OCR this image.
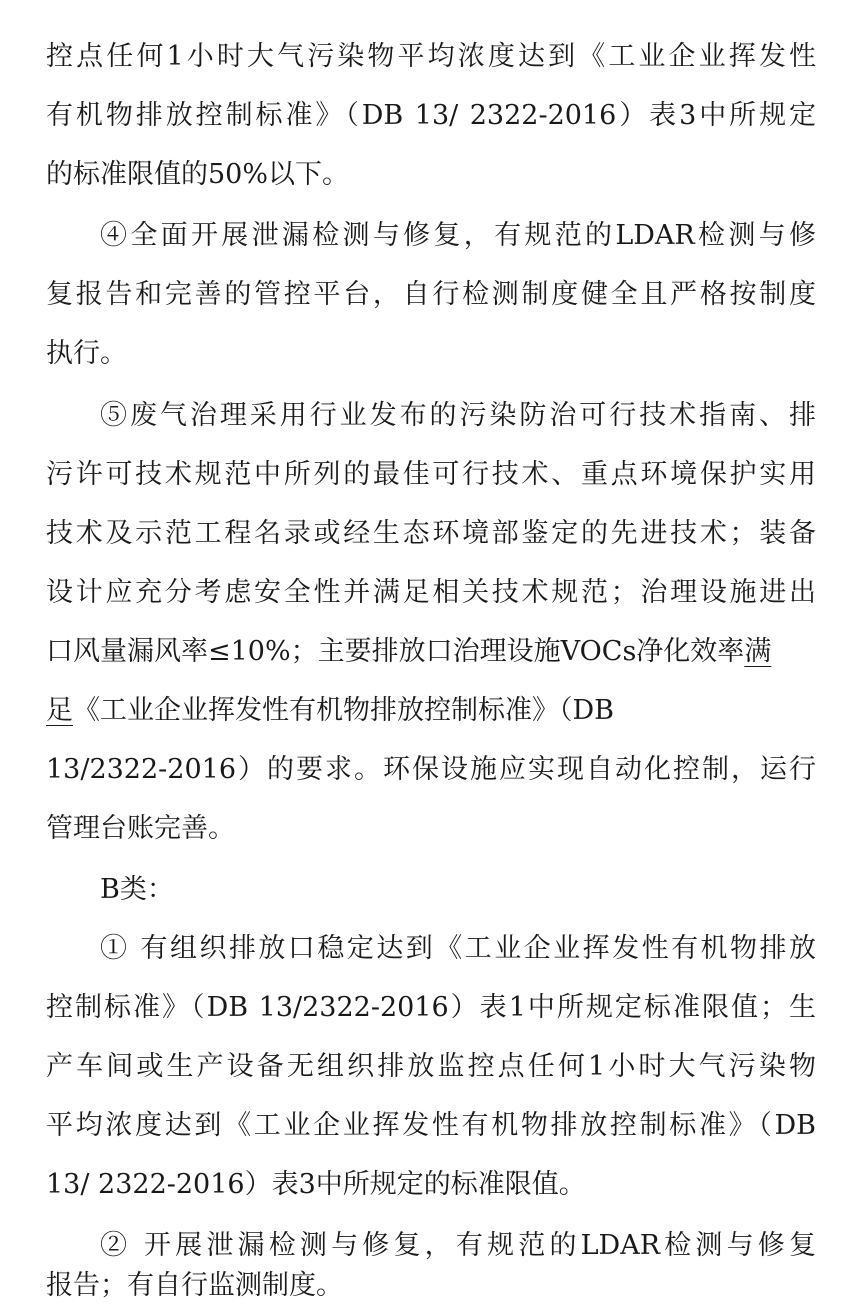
控点任何1小时大气污染物平均浓度达到《工业企业挥发性

有机物排放控制标准》（DB 13/ 2322-2016）表3中所规定

的标准限值的50%以下。

④全面开展泄漏检测与修复，有规范的LDAR检测与修

复报告和完善的管控平台，自行检测制度健全且严格按制度

执行。

⑤废气治理采用行业发布的污染防治可行技术指南、排

污许可技术规范中所列的最佳可行技术、重点环境保护实用

技术及示范工程名录或经生态环境部鉴定的先进技术；装备

设计应充分考虑安全性并满足相关技术规范；治理设施进出

口风量漏风率≤10%；主要排放口治理设施VOCs净化效率满

足《工业企业挥发性有机物排放控制标准》（DB

13/2322-2016）的要求。环保设施应实现自动化控制，运行

管理台账完善。

B类：

① 有组织排放口稳定达到《工业企业挥发性有机物排放

控制标准》（DB 13/2322-2016）表1中所规定标准限值；生

产车间或生产设备无组织排放监控点任何1小时大气污染物

平均浓度达到《工业企业挥发性有机物排放控制标准》（DB

13/ 2322-2016）表3中所规定的标准限值。

② 开展泄漏检测与修复，有规范的LDAR检测与修复

报告；有自行监测制度。
